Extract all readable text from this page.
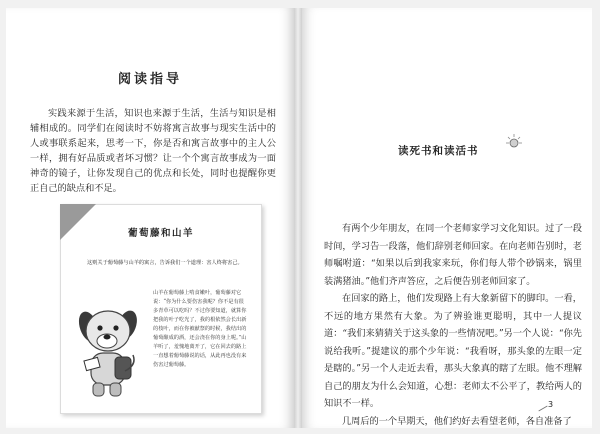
阅读指导
实践来源于生活，知识也来源于生活，生活与知识是相辅相成的。同学们在阅读时不妨将寓言故事与现实生活中的人或事联系起来，思考一下，你是否和寓言故事中的主人公一样，拥有好品质或者坏习惯？让一个个寓言故事成为一面神奇的镜子，让你发现自己的优点和长处，同时也提醒你更正自己的缺点和不足。
葡萄藤和山羊
这则关于葡萄藤与山羊的寓言，告诉我们一个道理：害人终将害己。
山羊在葡萄藤上啃食嫩叶，葡萄藤对它说：“你为什么要伤害我呢？你不是有很多青草可以吃吗？不过你要知道，就算你把我的叶子吃光了，我的根依然会长出新的枝叶，而在你被献祭的时候，我结出的葡萄酿成的酒，还会浇在你的身上呢。”山羊听了，羞愧地离开了，它在回去的路上一直想着葡萄藤说的话，从此再也没有来伤害过葡萄藤。
读死书和读活书

有两个少年朋友，在同一个老师家学习文化知识。过了一段时间，学习告一段落，他们辞别老师回家。在向老师告别时，老师嘱咐道：“如果以后到我家来玩，你们每人带个砂锅来，锅里装满猪油。”他们齐声答应，之后便告别老师回家了。

在回家的路上，他们发现路上有大象新留下的脚印。一看，不远的地方果然有大象。为了辨验谁更聪明，其中一人提议道：“我们来猜猜关于这头象的一些情况吧。”另一个人说：“你先说给我听。”提建议的那个少年说：“我看呀，那头象的左眼一定是瞎的。”另一个人走近去看，那头大象真的瞎了左眼。他不理解自己的朋友为什么会知道，心想：老师太不公平了，教给两人的知识不一样。

几周后的一个早期天，他们约好去看望老师，各自准备了

3
